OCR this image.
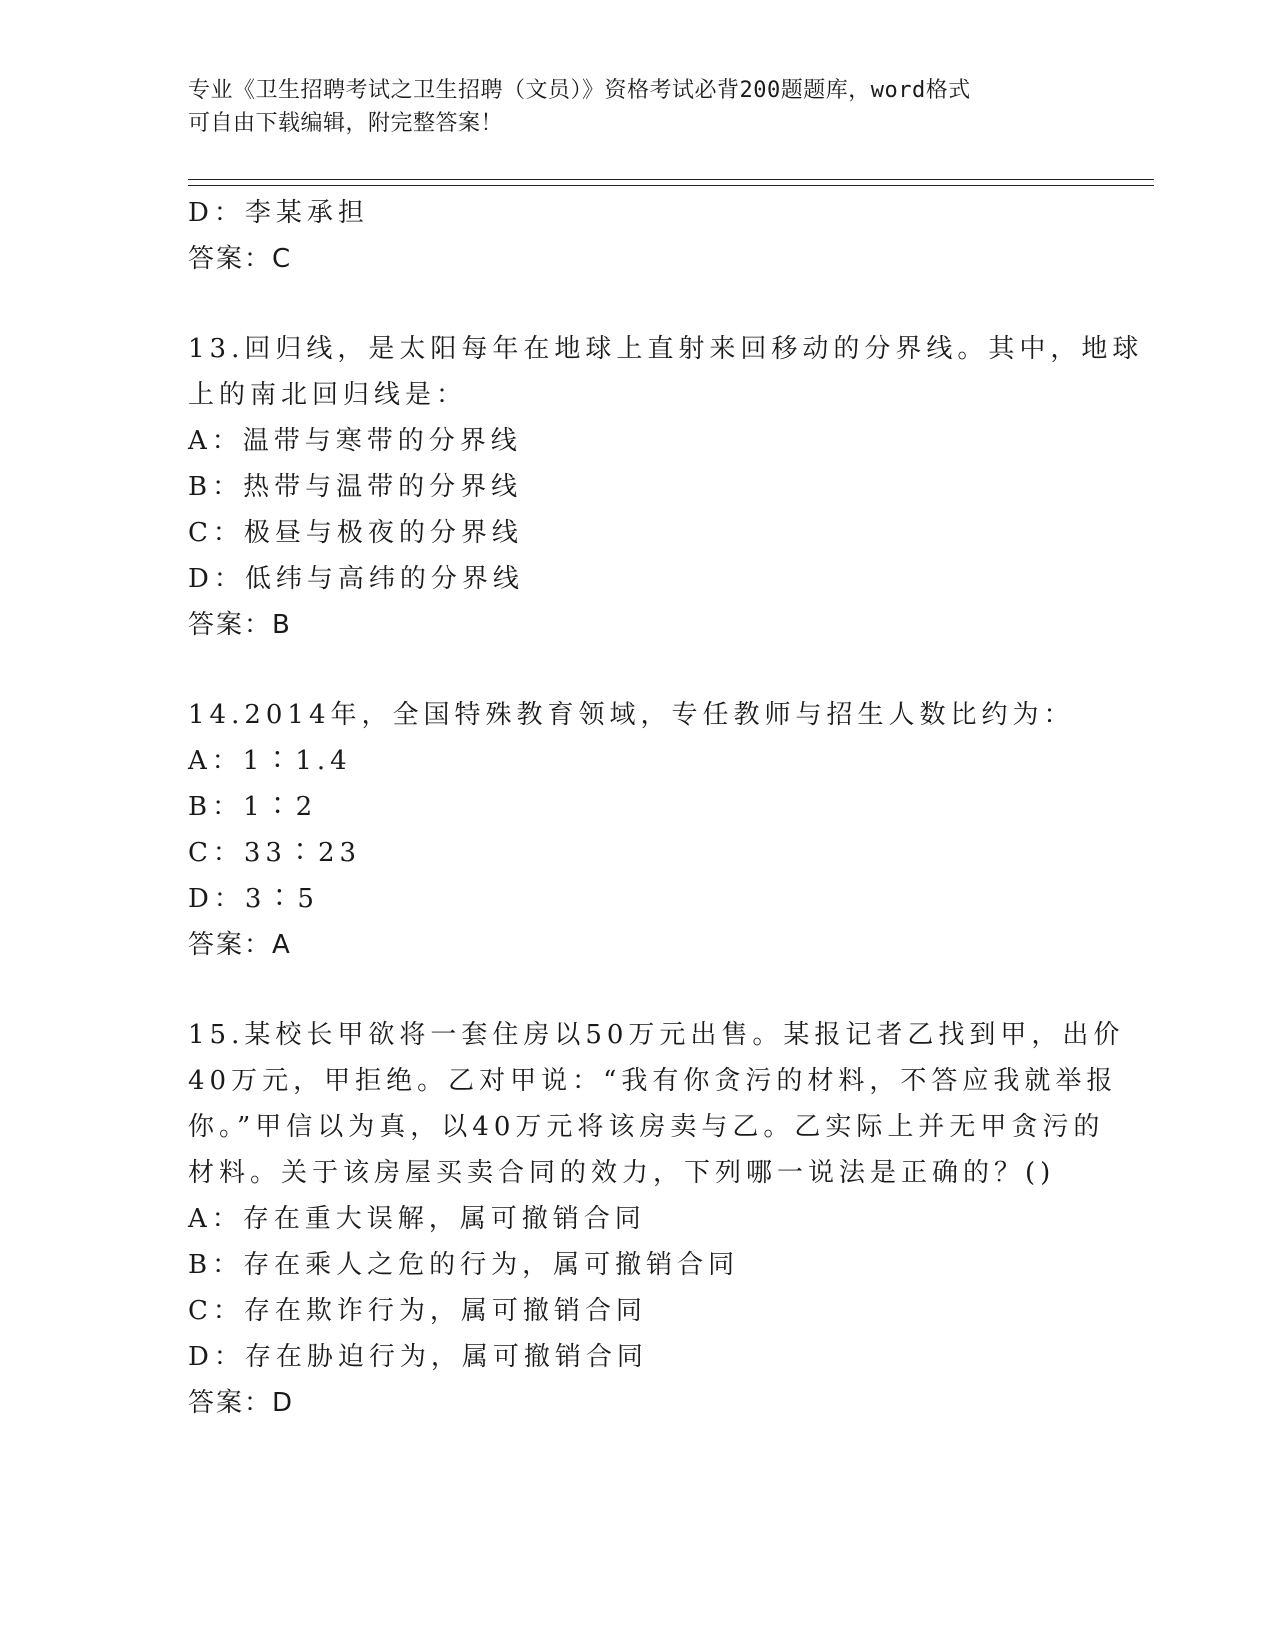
专业《卫生招聘考试之卫生招聘（文员）》资格考试必背200题题库，word格式
可自由下载编辑，附完整答案！
D：李某承担
答案：C
13.回归线，是太阳每年在地球上直射来回移动的分界线。其中，地球
上的南北回归线是：
A：温带与寒带的分界线
B：热带与温带的分界线
C：极昼与极夜的分界线
D：低纬与高纬的分界线
答案：B
14.2014年，全国特殊教育领域，专任教师与招生人数比约为：
A：1∶1.4
B：1∶2
C：33∶23
D：3∶5
答案：A
15.某校长甲欲将一套住房以50万元出售。某报记者乙找到甲，出价
40万元，甲拒绝。乙对甲说：“我有你贪污的材料，不答应我就举报
你。”甲信以为真，以40万元将该房卖与乙。乙实际上并无甲贪污的
材料。关于该房屋买卖合同的效力，下列哪一说法是正确的？()
A：存在重大误解，属可撤销合同
B：存在乘人之危的行为，属可撤销合同
C：存在欺诈行为，属可撤销合同
D：存在胁迫行为，属可撤销合同
答案：D
